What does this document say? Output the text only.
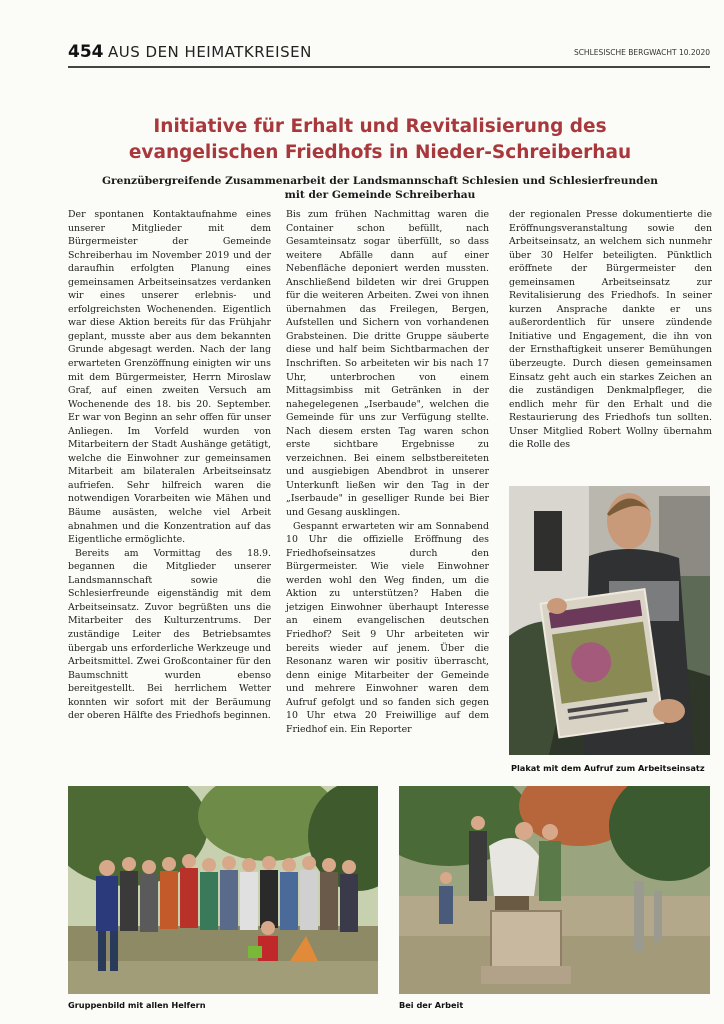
454 AUS DEN HEIMATKREISEN	SCHLESISCHE BERGWACHT 10.2020
Initiative für Erhalt und Revitalisierung des
evangelischen Friedhofs in Nieder-Schreiberhau
Grenzübergreifende Zusammenarbeit der Landsmannschaft Schlesien und Schlesierfreunden
mit der Gemeinde Schreiberhau

Der spontanen Kontaktaufnahme eines unserer Mitglieder mit dem Bürgermeister der Gemeinde Schreiberhau im November 2019 und der daraufhin erfolgten Planung eines gemeinsamen Arbeitseinsatzes verdanken wir eines unserer erlebnis- und erfolgreichsten Wochenenden. Eigentlich war diese Aktion bereits für das Frühjahr geplant, musste aber aus dem bekannten Grunde abgesagt werden. Nach der lang erwarteten Grenzöffnung einigten wir uns mit dem Bürgermeister, Herrn Miroslaw Graf, auf einen zweiten Versuch am Wochenende des 18. bis 20. September. Er war von Beginn an sehr offen für unser Anliegen. Im Vorfeld wurden von Mitarbeitern der Stadt Aushänge getätigt, welche die Einwohner zur gemeinsamen Mitarbeit am bilateralen Arbeitseinsatz aufriefen. Sehr hilfreich waren die notwendigen Vorarbeiten wie Mähen und Bäume ausästen, welche viel Arbeit abnahmen und die Konzentration auf das Eigentliche ermöglichte.

Bereits am Vormittag des 18.9. begannen die Mitglieder unserer Landsmannschaft sowie die Schlesierfreunde eigenständig mit dem Arbeitseinsatz. Zuvor begrüßten uns die Mitarbeiter des Kulturzentrums. Der zuständige Leiter des Betriebsamtes übergab uns erforderliche Werkzeuge und Arbeitsmittel. Zwei Großcontainer für den Baumschnitt wurden ebenso bereitgestellt. Bei herrlichem Wetter konnten wir sofort mit der Beräumung der oberen Hälfte des Friedhofs beginnen.

Bis zum frühen Nachmittag waren die Container schon befüllt, nach Gesamteinsatz sogar überfüllt, so dass weitere Abfälle dann auf einer Nebenfläche deponiert werden mussten. Anschließend bildeten wir drei Gruppen für die weiteren Arbeiten. Zwei von ihnen übernahmen das Freilegen, Bergen, Aufstellen und Sichern von vorhandenen Grabsteinen. Die dritte Gruppe säuberte diese und half beim Sichtbarmachen der Inschriften. So arbeiteten wir bis nach 17 Uhr, unterbrochen von einem Mittagsimbiss mit Getränken in der nahegelegenen „Iserbaude", welchen die Gemeinde für uns zur Verfügung stellte. Nach diesem ersten Tag waren schon erste sichtbare Ergebnisse zu verzeichnen. Bei einem selbstbereiteten und ausgiebigen Abendbrot in unserer Unterkunft ließen wir den Tag in der „Iserbaude" in geselliger Runde bei Bier und Gesang ausklingen.

Gespannt erwarteten wir am Sonnabend 10 Uhr die offizielle Eröffnung des Friedhofseinsatzes durch den Bürgermeister. Wie viele Einwohner werden wohl den Weg finden, um die Aktion zu unterstützen? Haben die jetzigen Einwohner überhaupt Interesse an einem evangelischen deutschen Friedhof? Seit 9 Uhr arbeiteten wir bereits wieder auf jenem. Über die Resonanz waren wir positiv überrascht, denn einige Mitarbeiter der Gemeinde und mehrere Einwohner waren dem Aufruf gefolgt und so fanden sich gegen 10 Uhr etwa 20 Freiwillige auf dem Friedhof ein. Ein Reporter

der regionalen Presse dokumentierte die Eröffnungsveranstaltung sowie den Arbeitseinsatz, an welchem sich nunmehr über 30 Helfer beteiligten. Pünktlich eröffnete der Bürgermeister den gemeinsamen Arbeitseinsatz zur Revitalisierung des Friedhofs. In seiner kurzen Ansprache dankte er uns außerordentlich für unsere zündende Initiative und Engagement, die ihn von der Ernsthaftigkeit unserer Bemühungen überzeugte. Durch diesen gemeinsamen Einsatz geht auch ein starkes Zeichen an die zuständigen Denkmalpfleger, die endlich mehr für den Erhalt und die Restaurierung des Friedhofs tun sollten. Unser Mitglied Robert Wollny übernahm die Rolle des

Plakat mit dem Aufruf zum Arbeitseinsatz
Gruppenbild mit allen Helfern	Bei der Arbeit
